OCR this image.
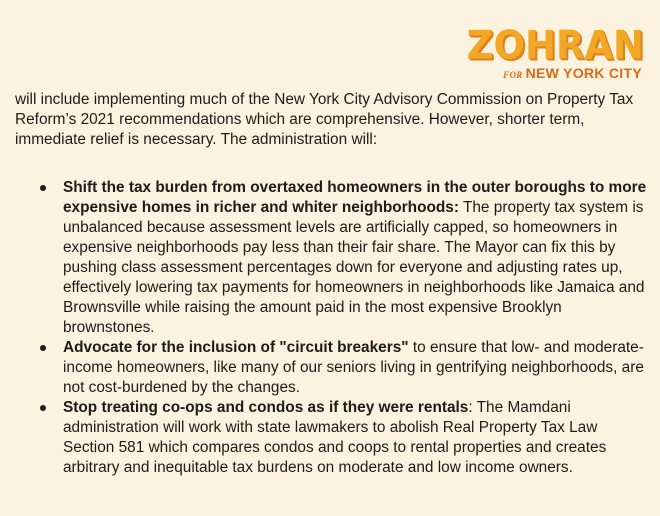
ZOHRAN
FOR NEW YORK CITY

will include implementing much of the New York City Advisory Commission on Property Tax Reform’s 2021 recommendations which are comprehensive. However, shorter term, immediate relief is necessary. The administration will:

Shift the tax burden from overtaxed homeowners in the outer boroughs to more expensive homes in richer and whiter neighborhoods: The property tax system is unbalanced because assessment levels are artificially capped, so homeowners in expensive neighborhoods pay less than their fair share. The Mayor can fix this by pushing class assessment percentages down for everyone and adjusting rates up, effectively lowering tax payments for homeowners in neighborhoods like Jamaica and Brownsville while raising the amount paid in the most expensive Brooklyn brownstones.
Advocate for the inclusion of "circuit breakers" to ensure that low- and moderate-income homeowners, like many of our seniors living in gentrifying neighborhoods, are not cost-burdened by the changes.
Stop treating co-ops and condos as if they were rentals: The Mamdani administration will work with state lawmakers to abolish Real Property Tax Law Section 581 which compares condos and coops to rental properties and creates arbitrary and inequitable tax burdens on moderate and low income owners.
